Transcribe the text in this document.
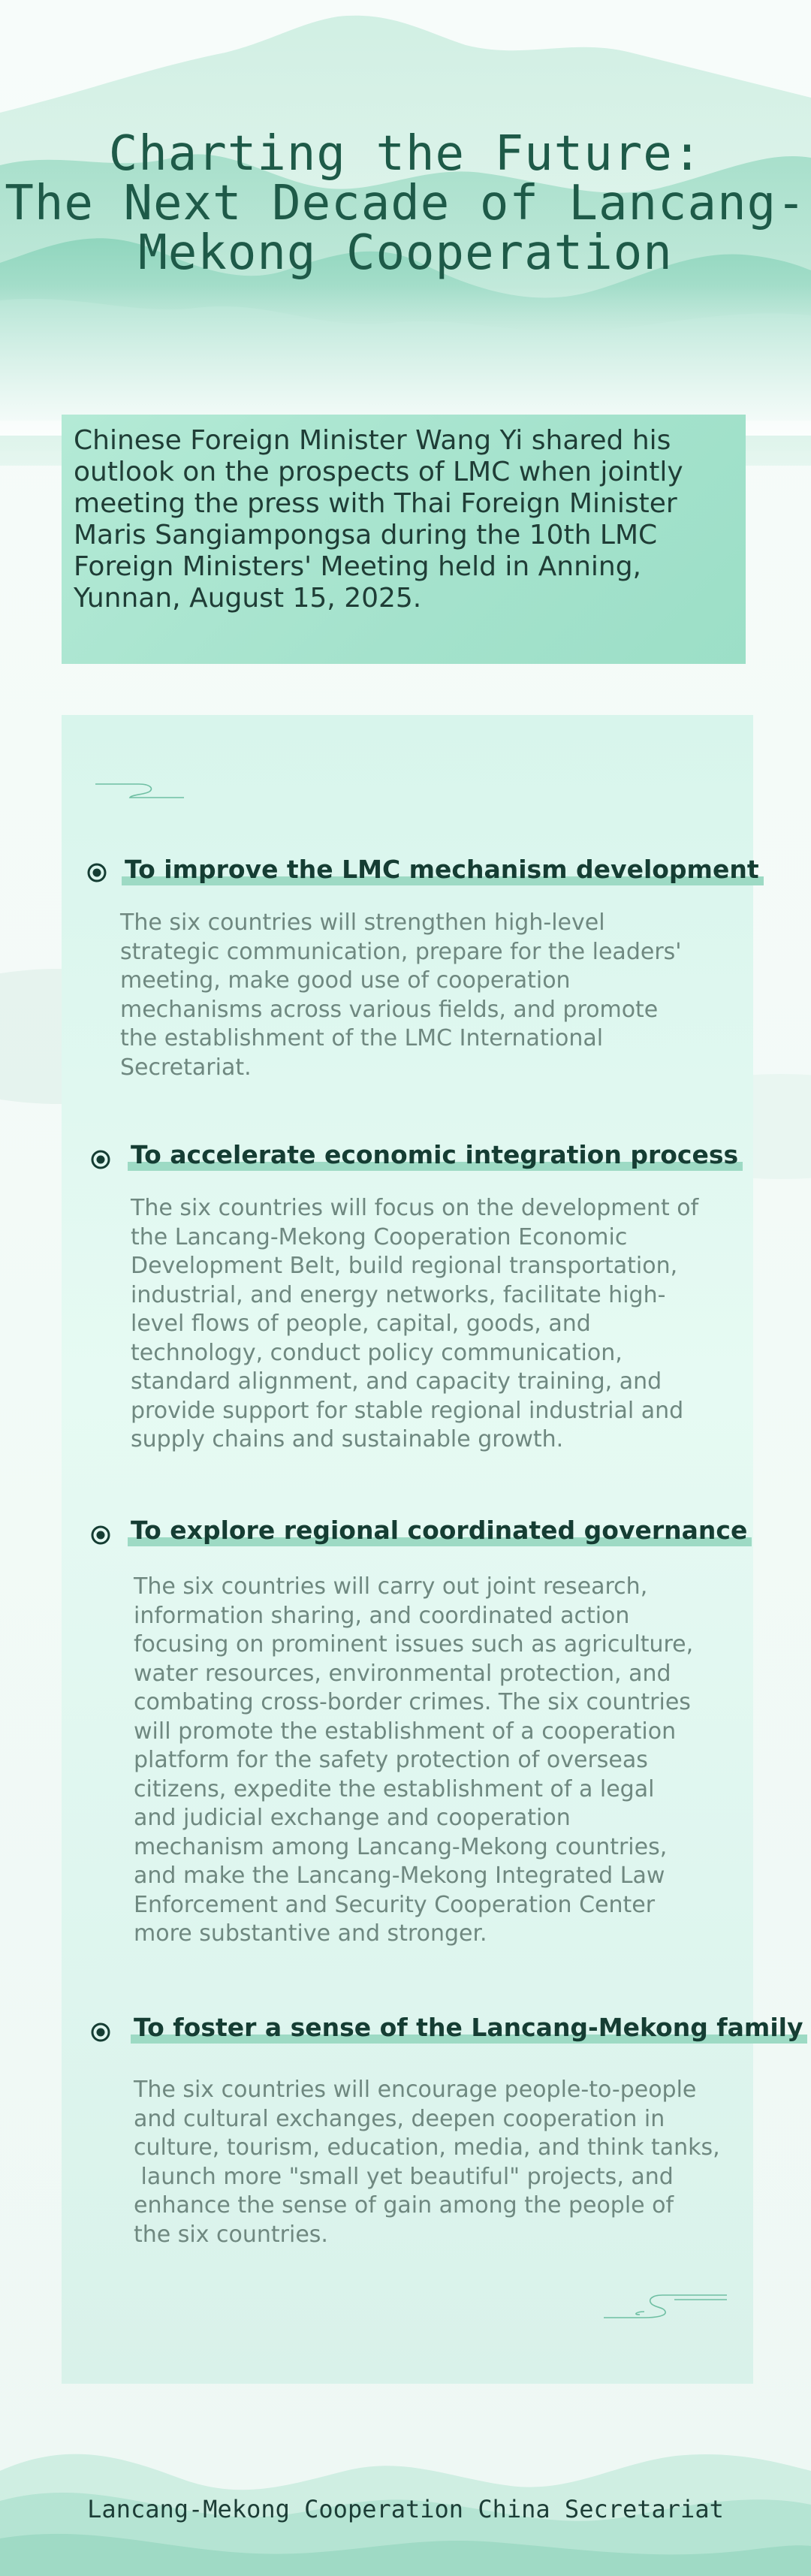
Charting the Future:
The Next Decade of Lancang-
Mekong Cooperation
Chinese Foreign Minister Wang Yi shared his
outlook on the prospects of LMC when jointly
meeting the press with Thai Foreign Minister
Maris Sangiampongsa during the 10th LMC
Foreign Ministers' Meeting held in Anning,
Yunnan, August 15, 2025.
To improve the LMC mechanism development
The six countries will strengthen high-level
strategic communication, prepare for the leaders'
meeting, make good use of cooperation
mechanisms across various fields, and promote
the establishment of the LMC International
Secretariat.
To accelerate economic integration process
The six countries will focus on the development of
the Lancang-Mekong Cooperation Economic
Development Belt, build regional transportation,
industrial, and energy networks, facilitate high-
level flows of people, capital, goods, and
technology, conduct policy communication,
standard alignment, and capacity training, and
provide support for stable regional industrial and
supply chains and sustainable growth.
To explore regional coordinated governance
The six countries will carry out joint research,
information sharing, and coordinated action
focusing on prominent issues such as agriculture,
water resources, environmental protection, and
combating cross-border crimes. The six countries
will promote the establishment of a cooperation
platform for the safety protection of overseas
citizens, expedite the establishment of a legal
and judicial exchange and cooperation
mechanism among Lancang-Mekong countries,
and make the Lancang-Mekong Integrated Law
Enforcement and Security Cooperation Center
more substantive and stronger.
To foster a sense of the Lancang-Mekong family
The six countries will encourage people-to-people
and cultural exchanges, deepen cooperation in
culture, tourism, education, media, and think tanks,
launch more "small yet beautiful" projects, and
enhance the sense of gain among the people of
the six countries.
Lancang-Mekong Cooperation China Secretariat
